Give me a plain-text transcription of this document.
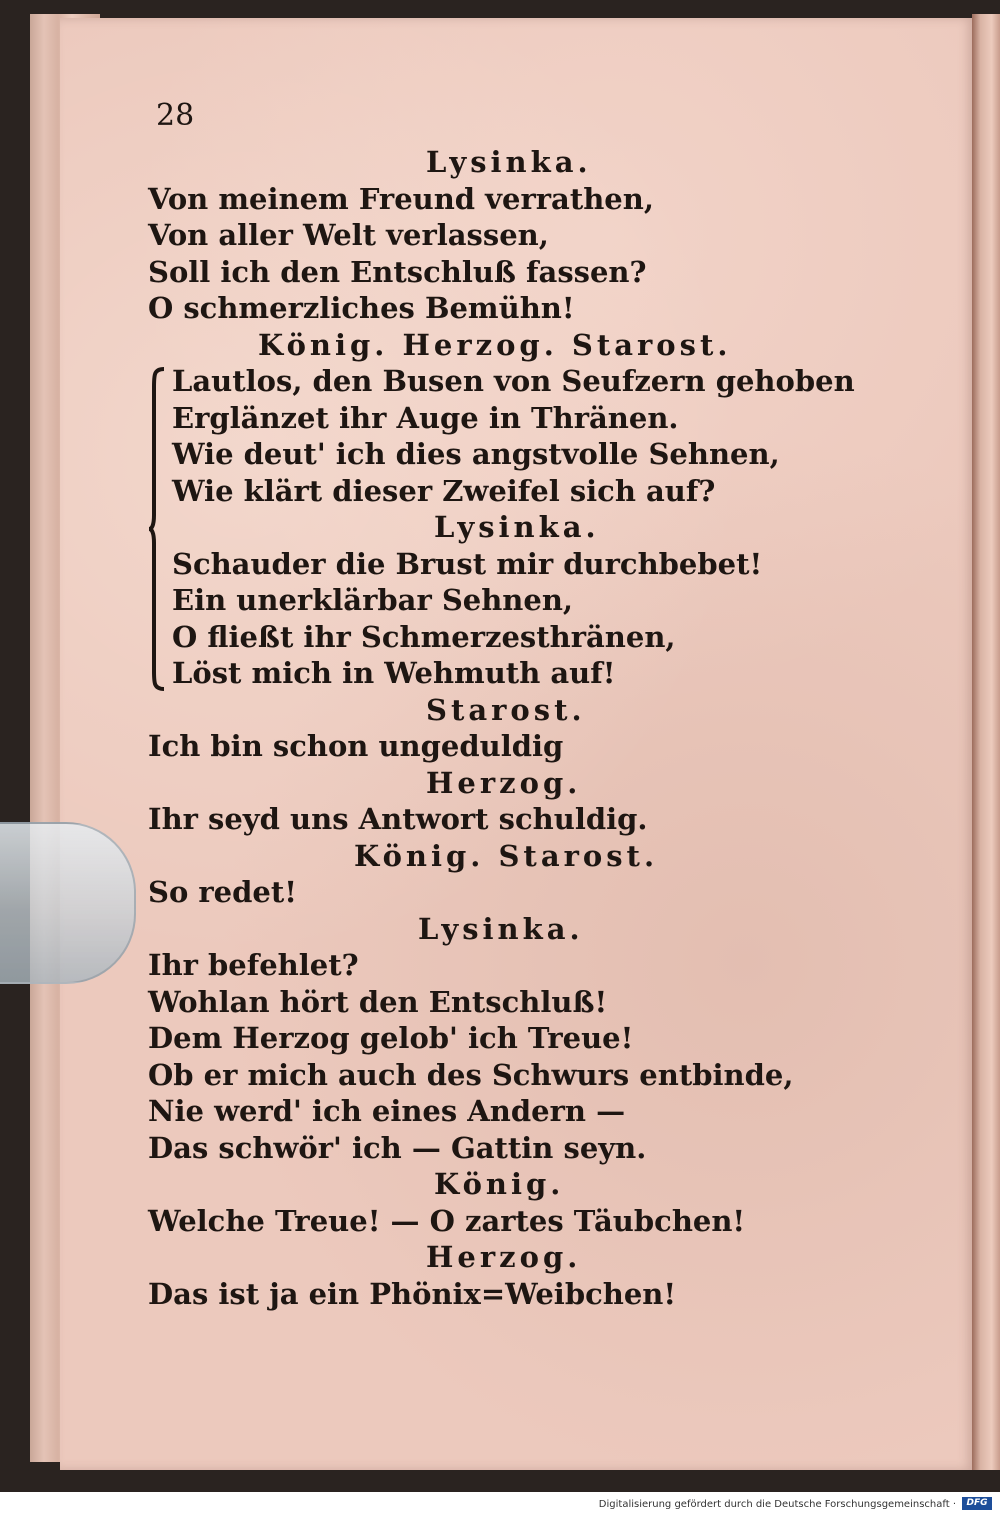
28
Lysinka.
Von meinem Freund verrathen,
Von aller Welt verlassen,
Soll ich den Entschluß fassen?
O schmerzliches Bemühn!
König. Herzog. Starost.
Lautlos, den Busen von Seufzern gehoben
Erglänzet ihr Auge in Thränen.
Wie deut' ich dies angstvolle Sehnen,
Wie klärt dieser Zweifel sich auf?
Lysinka.
Schauder die Brust mir durchbebet!
Ein unerklärbar Sehnen,
O fließt ihr Schmerzesthränen,
Löst mich in Wehmuth auf!
Starost.
Ich bin schon ungeduldig
Herzog.
Ihr seyd uns Antwort schuldig.
König. Starost.
So redet!
Lysinka.
Ihr befehlet?
Wohlan hört den Entschluß!
Dem Herzog gelob' ich Treue!
Ob er mich auch des Schwurs entbinde,
Nie werd' ich eines Andern —
Das schwör' ich — Gattin seyn.
König.
Welche Treue! — O zartes Täubchen!
Herzog.
Das ist ja ein Phönix=Weibchen!
Digitalisierung gefördert durch die Deutsche Forschungsgemeinschaft ·	DFG
